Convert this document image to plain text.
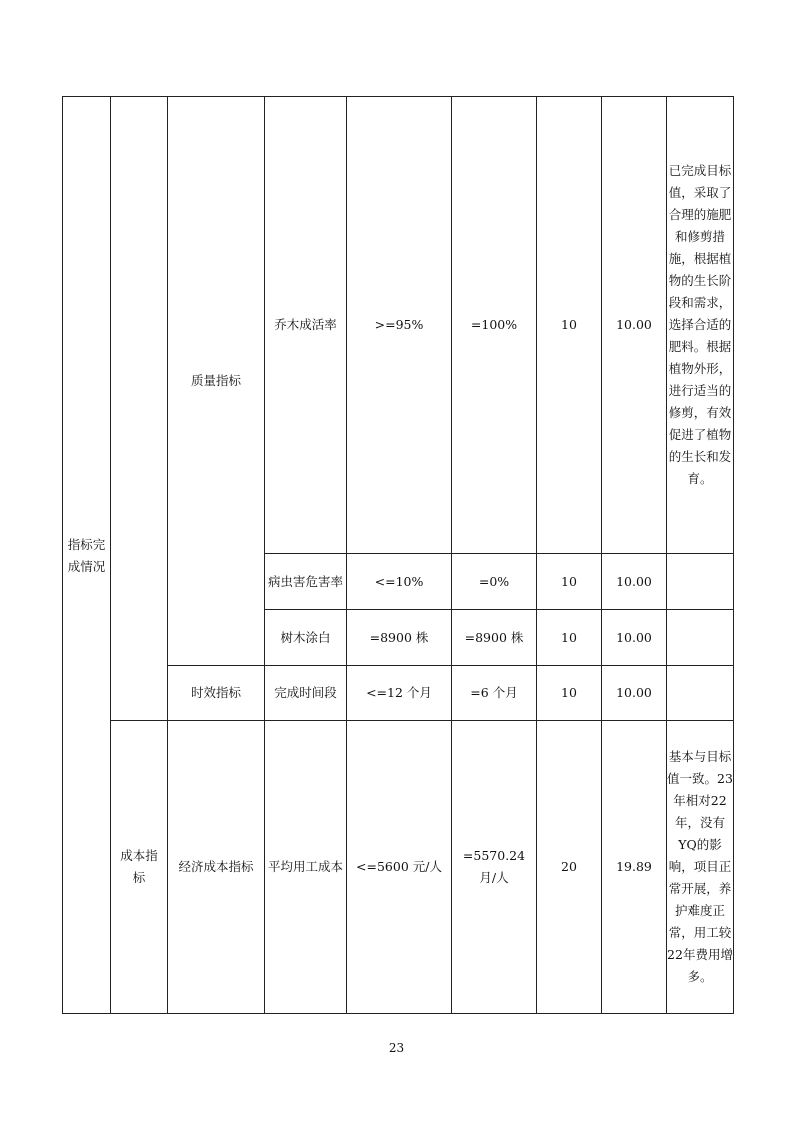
指标完成情况		质量指标	乔木成活率	>=95%	=100%	10	10.00	已完成目标值，采取了合理的施肥和修剪措施，根据植物的生长阶段和需求，选择合适的肥料。根据植物外形，进行适当的修剪，有效促进了植物的生长和发育。
			病虫害危害率	<=10%	=0%	10	10.00	
			树木涂白	=8900 株	=8900 株	10	10.00	
		时效指标	完成时间段	<=12 个月	=6 个月	10	10.00	

	成本指标	经济成本指标	平均用工成本	<=5600 元/人	=5570.24 月/人	20	19.89	基本与目标值一致。23年相对22年，没有YQ的影响，项目正常开展，养护难度正常，用工较22年费用增多。
23
